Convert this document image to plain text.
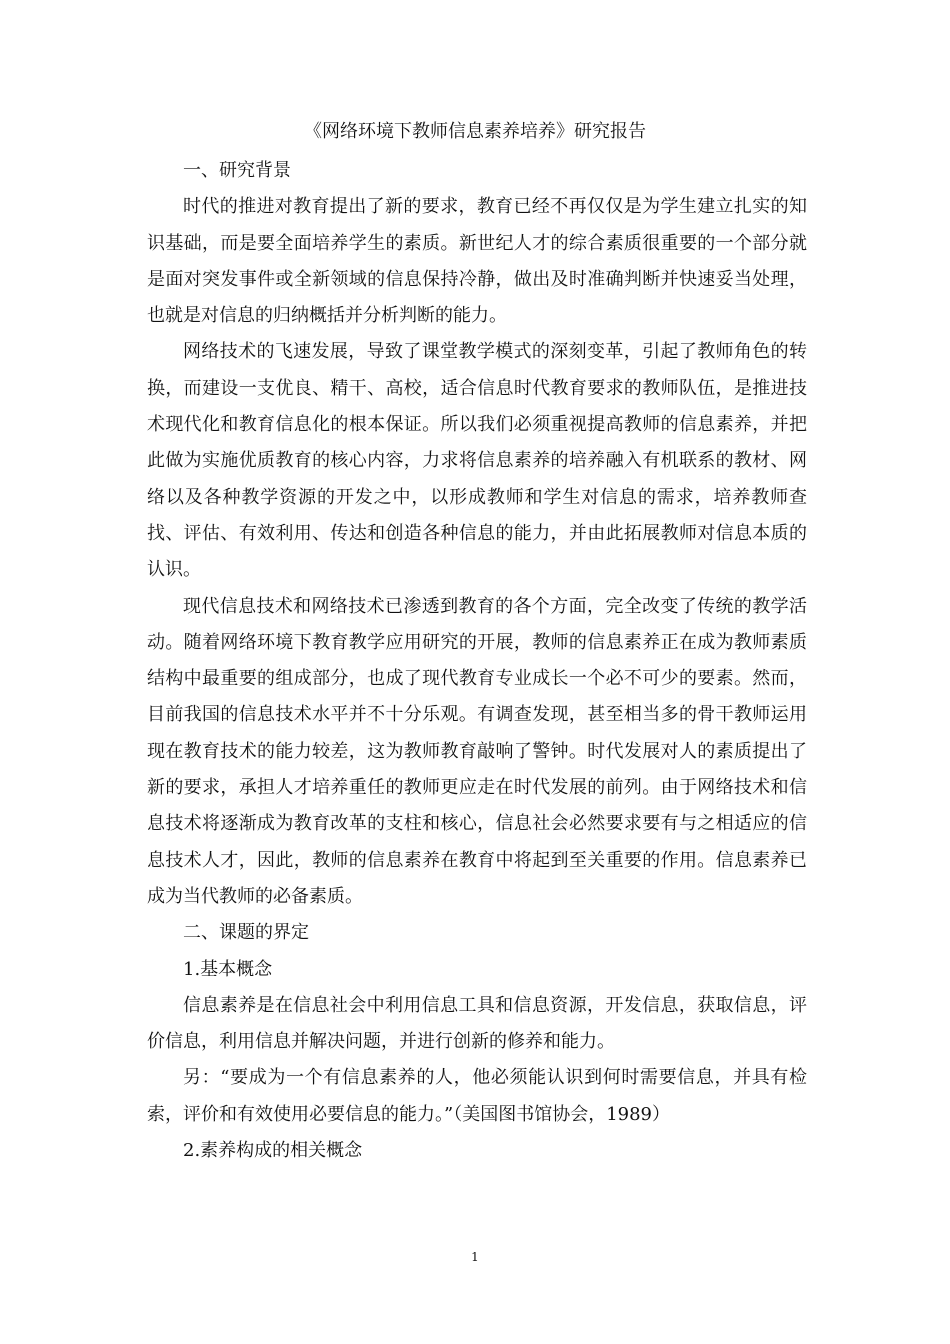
《网络环境下教师信息素养培养》研究报告

一、研究背景

时代的推进对教育提出了新的要求，教育已经不再仅仅是为学生建立扎实的知识基础，而是要全面培养学生的素质。新世纪人才的综合素质很重要的一个部分就是面对突发事件或全新领域的信息保持冷静，做出及时准确判断并快速妥当处理，也就是对信息的归纳概括并分析判断的能力。

网络技术的飞速发展，导致了课堂教学模式的深刻变革，引起了教师角色的转换，而建设一支优良、精干、高校，适合信息时代教育要求的教师队伍，是推进技术现代化和教育信息化的根本保证。所以我们必须重视提高教师的信息素养，并把此做为实施优质教育的核心内容，力求将信息素养的培养融入有机联系的教材、网络以及各种教学资源的开发之中，以形成教师和学生对信息的需求，培养教师查找、评估、有效利用、传达和创造各种信息的能力，并由此拓展教师对信息本质的认识。

现代信息技术和网络技术已渗透到教育的各个方面，完全改变了传统的教学活动。随着网络环境下教育教学应用研究的开展，教师的信息素养正在成为教师素质结构中最重要的组成部分，也成了现代教育专业成长一个必不可少的要素。然而，目前我国的信息技术水平并不十分乐观。有调查发现，甚至相当多的骨干教师运用现在教育技术的能力较差，这为教师教育敲响了警钟。时代发展对人的素质提出了新的要求，承担人才培养重任的教师更应走在时代发展的前列。由于网络技术和信息技术将逐渐成为教育改革的支柱和核心，信息社会必然要求要有与之相适应的信息技术人才，因此，教师的信息素养在教育中将起到至关重要的作用。信息素养已成为当代教师的必备素质。

二、课题的界定

1.基本概念

信息素养是在信息社会中利用信息工具和信息资源，开发信息，获取信息，评价信息，利用信息并解决问题，并进行创新的修养和能力。

另：“要成为一个有信息素养的人，他必须能认识到何时需要信息，并具有检索，评价和有效使用必要信息的能力。”（美国图书馆协会，1989）

2.素养构成的相关概念

1
